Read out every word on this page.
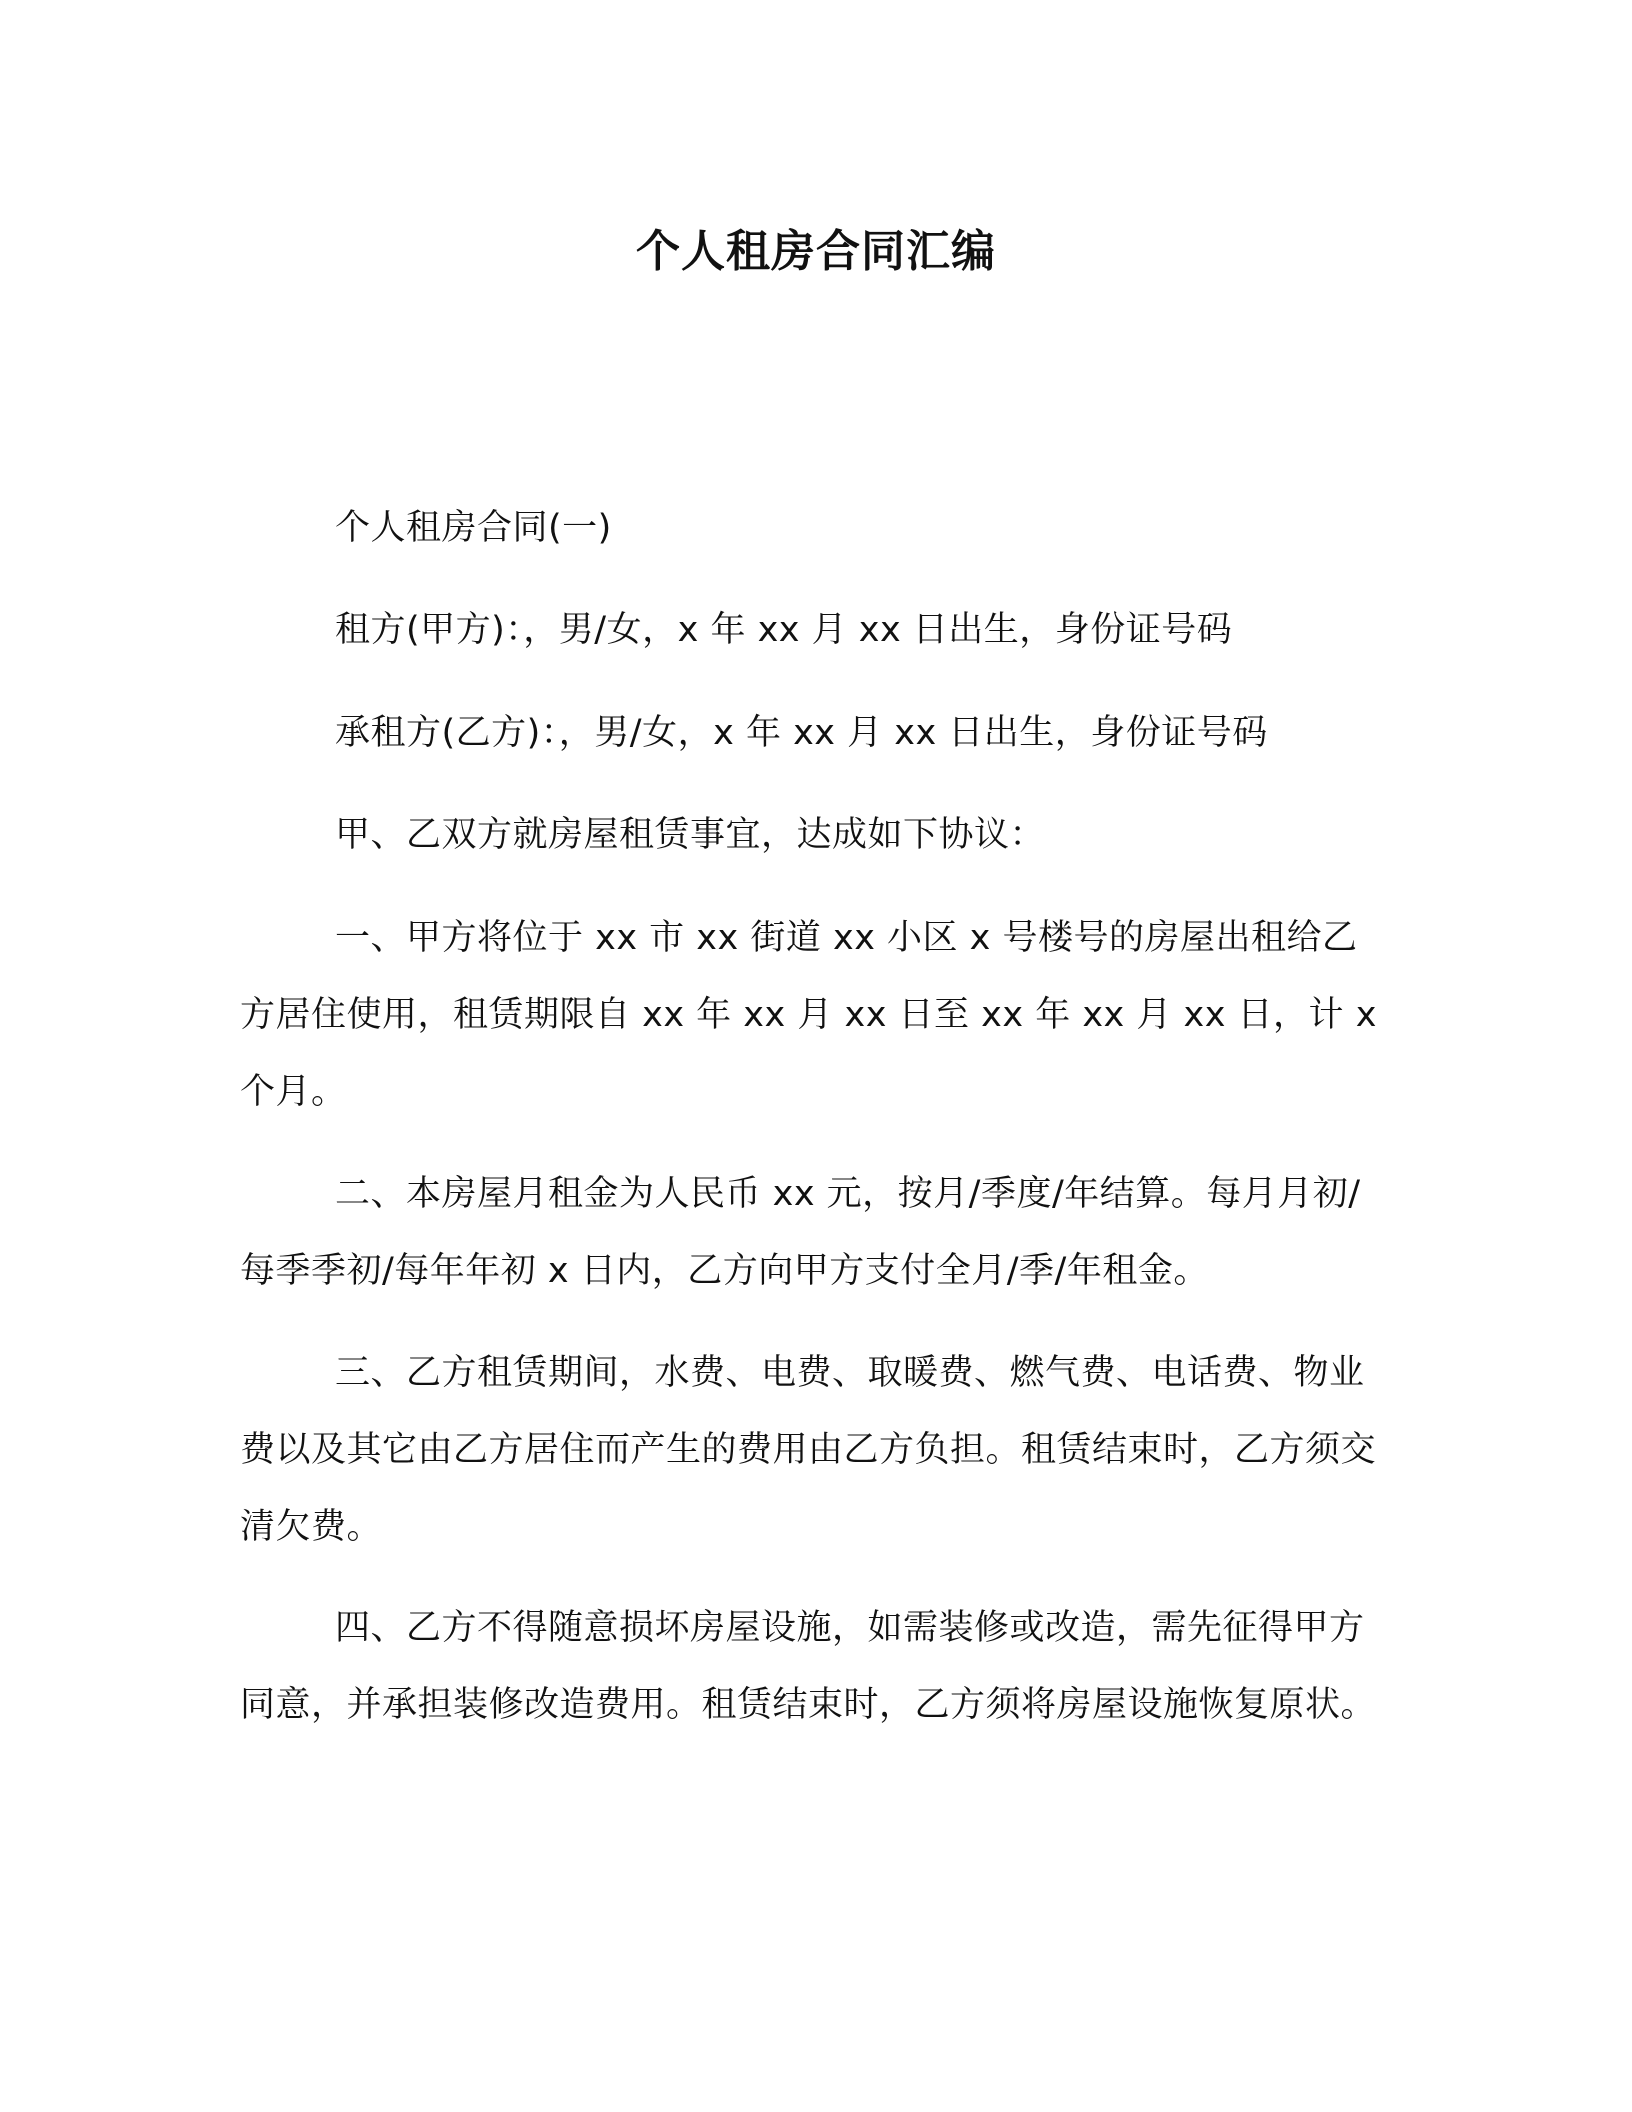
个人租房合同汇编

个人租房合同(一)

租方(甲方)：，男/女，x 年 xx 月 xx 日出生，身份证号码

承租方(乙方)：，男/女，x 年 xx 月 xx 日出生，身份证号码

甲、乙双方就房屋租赁事宜，达成如下协议：

一、甲方将位于 xx 市 xx 街道 xx 小区 x 号楼号的房屋出租给乙方居住使用，租赁期限自 xx 年 xx 月 xx 日至 xx 年 xx 月 xx 日，计 x 个月。

二、本房屋月租金为人民币 xx 元，按月/季度/年结算。每月月初/每季季初/每年年初 x 日内，乙方向甲方支付全月/季/年租金。

三、乙方租赁期间，水费、电费、取暖费、燃气费、电话费、物业费以及其它由乙方居住而产生的费用由乙方负担。租赁结束时，乙方须交清欠费。

四、乙方不得随意损坏房屋设施，如需装修或改造，需先征得甲方同意，并承担装修改造费用。租赁结束时，乙方须将房屋设施恢复原状。
